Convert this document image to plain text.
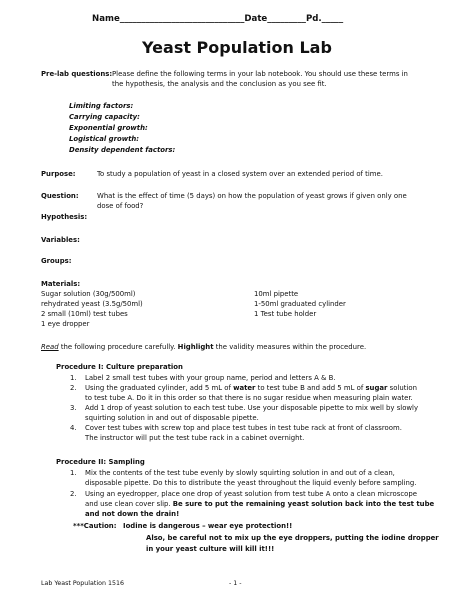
Name_____________________________Date_________Pd._____
Yeast Population Lab
Pre-lab questions: Please define the following terms in your lab notebook. You should use these terms in
the hypothesis, the analysis and the conclusion as you see fit.
Limiting factors:
Carrying capacity:
Exponential growth:
Logistical growth:
Density dependent factors:
Purpose:	To study a population of yeast in a closed system over an extended period of time.
Question:	What is the effect of time (5 days) on how the population of yeast grows if given only one
dose of food?
Hypothesis:
Variables:
Groups:
Materials:
Sugar solution (30g/500ml)
rehydrated yeast (3.5g/50ml)
2 small (10ml) test tubes
1 eye dropper
10ml pipette
1-50ml graduated cylinder
1 Test tube holder
Read the following procedure carefully. Highlight the validity measures within the procedure.
Procedure I: Culture preparation
1. Label 2 small test tubes with your group name, period and letters A & B.
2. Using the graduated cylinder, add 5 mL of water to test tube B and add 5 mL of sugar solution
to test tube A. Do it in this order so that there is no sugar residue when measuring plain water.
3. Add 1 drop of yeast solution to each test tube. Use your disposable pipette to mix well by slowly
squirting solution in and out of disposable pipette.
4. Cover test tubes with screw top and place test tubes in test tube rack at front of classroom.
The instructor will put the test tube rack in a cabinet overnight.
Procedure II: Sampling
1. Mix the contents of the test tube evenly by slowly squirting solution in and out of a clean,
disposable pipette. Do this to distribute the yeast throughout the liquid evenly before sampling.
2. Using an eyedropper, place one drop of yeast solution from test tube A onto a clean microscope
and use clean cover slip. Be sure to put the remaining yeast solution back into the test tube
and not down the drain!
***Caution: Iodine is dangerous – wear eye protection!!
Also, be careful not to mix up the eye droppers, putting the iodine dropper
in your yeast culture will kill it!!!
Lab Yeast Population 1516	- 1 -
